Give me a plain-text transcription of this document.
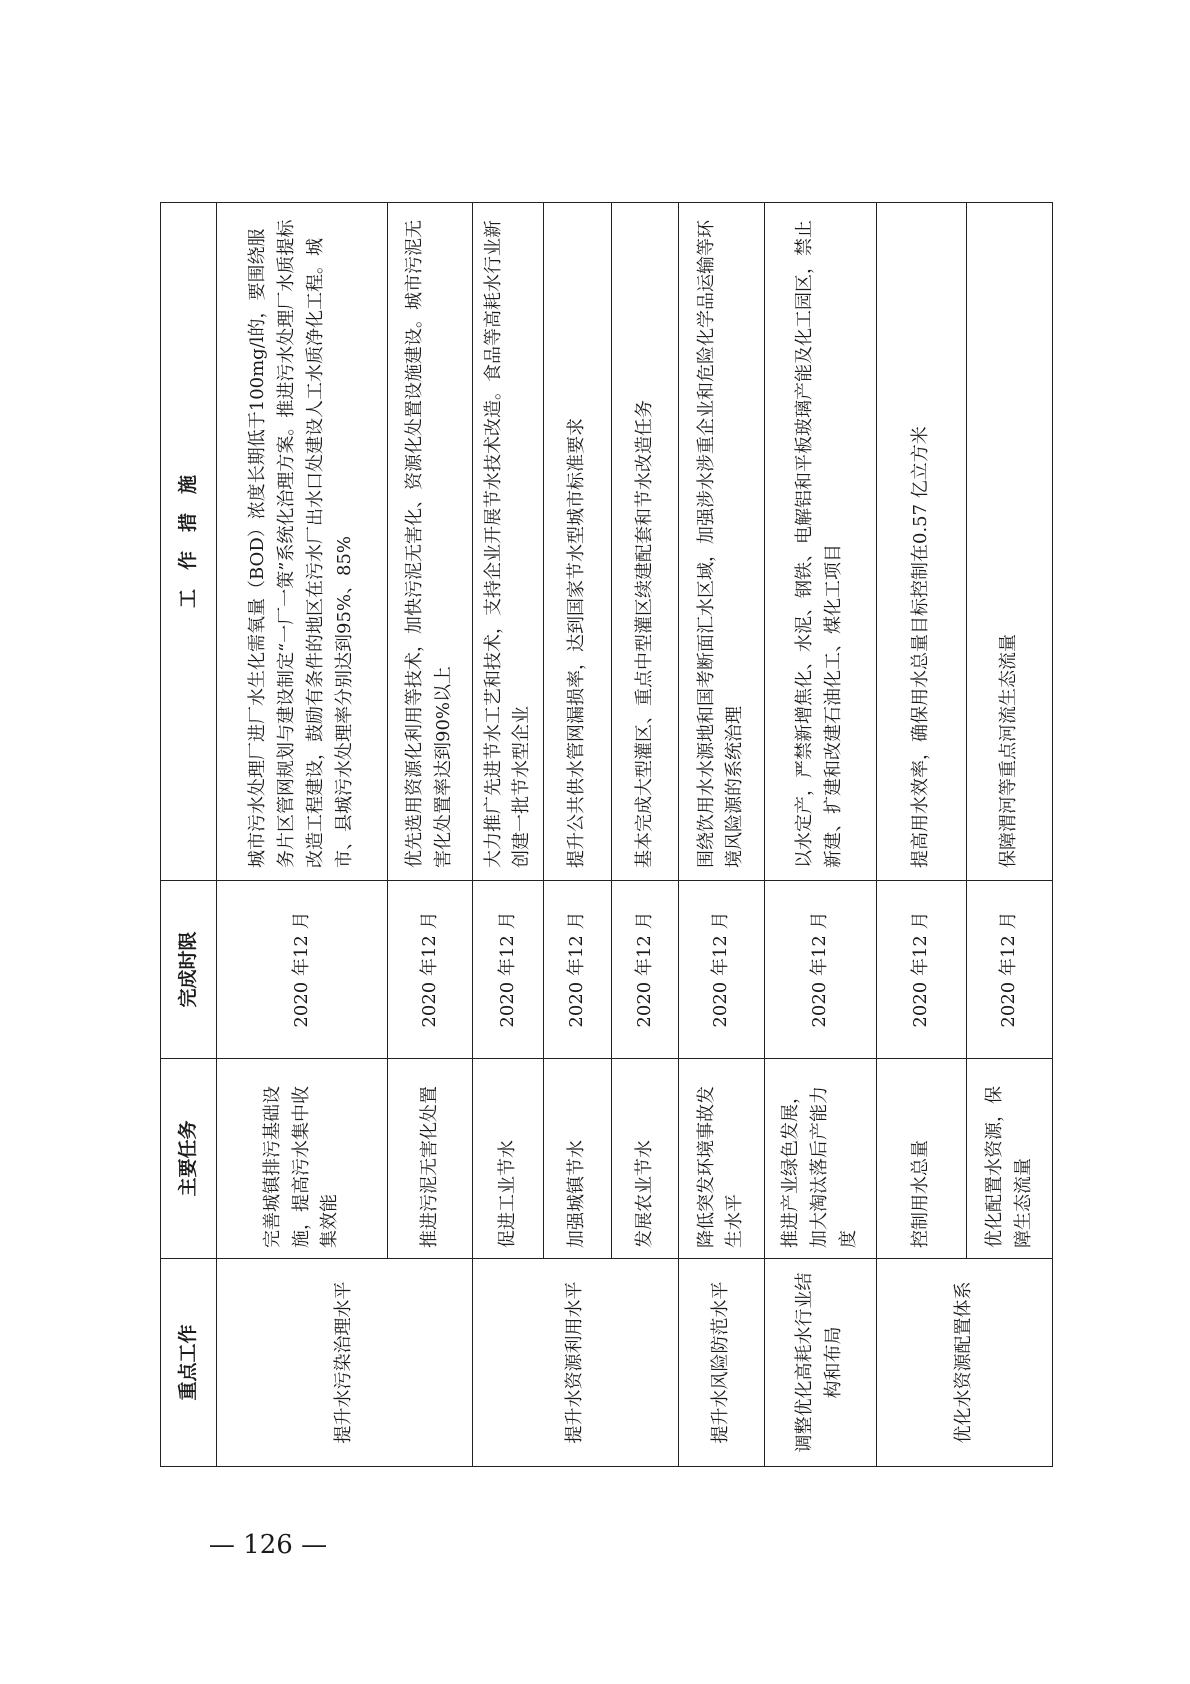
重点工作	主要任务	完成时限	工　作　措　施
提升水污染治理水平	完善城镇排污基础设施，提高污水集中收集效能	2020 年12 月	城市污水处理厂进厂水生化需氧量（BOD）浓度长期低于100mg/l的，要围绕服务片区管网规划与建设制定“一厂一策”系统化治理方案。推进污水处理厂水质提标改造工程建设，鼓励有条件的地区在污水厂出水口处建设人工水质净化工程。城市、县城污水处理率分别达到95%、85%
	推进污泥无害化处置	2020 年12 月	优先选用资源化利用等技术，加快污泥无害化、资源化处置设施建设。城市污泥无害化处置率达到90%以上
提升水资源利用水平	促进工业节水	2020 年12 月	大力推广先进节水工艺和技术，支持企业开展节水技术改造。食品等高耗水行业新创建一批节水型企业
	加强城镇节水	2020 年12 月	提升公共供水管网漏损率，达到国家节水型城市标准要求
	发展农业节水	2020 年12 月	基本完成大型灌区、重点中型灌区续建配套和节水改造任务
提升水风险防范水平	降低突发环境事故发生水平	2020 年12 月	围绕饮用水水源地和国考断面汇水区域，加强涉水涉重企业和危险化学品运输等环境风险源的系统治理
调整优化高耗水行业结构和布局	推进产业绿色发展，加大淘汰落后产能力度	2020 年12 月	以水定产，严禁新增焦化、水泥、钢铁、电解铝和平板玻璃产能及化工园区，禁止新建、扩建和改建石油化工、煤化工项目
优化水资源配置体系	控制用水总量	2020 年12 月	提高用水效率，确保用水总量目标控制在0.57 亿立方米
	优化配置水资源，保障生态流量	2020 年12 月	保障渭河等重点河流生态流量
— 126 —
